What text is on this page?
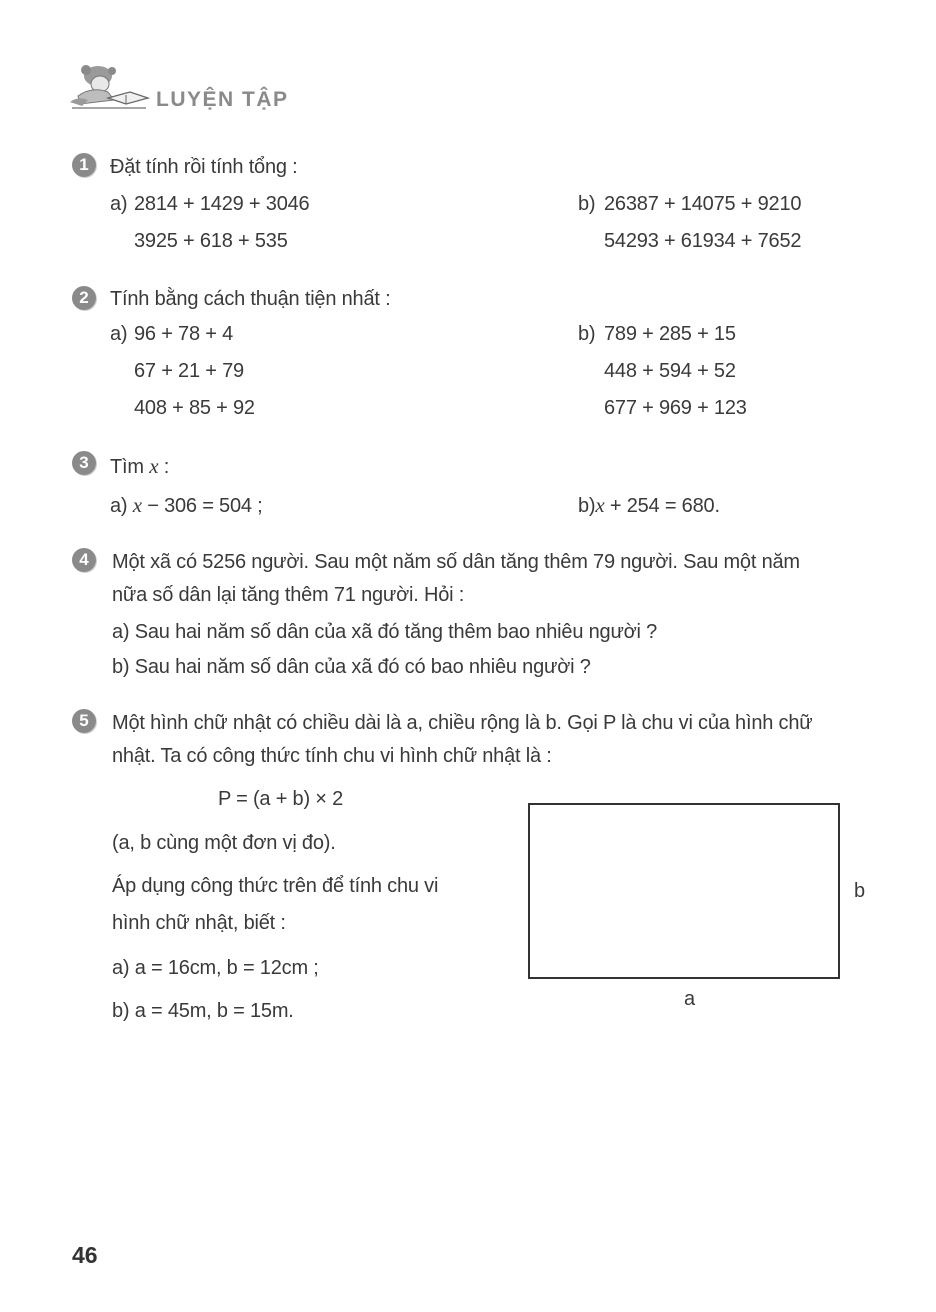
LUYỆN TẬP
1	Đặt tính rồi tính tổng :
a) 2814 + 1429 + 3046
3925 + 618 + 535
b) 26387 + 14075 + 9210
54293 + 61934 + 7652
2	Tính bằng cách thuận tiện nhất :
a) 96 + 78 + 4
67 + 21 + 79
408 + 85 + 92
b) 789 + 285 + 15
448 + 594 + 52
677 + 969 + 123
3	Tìm x :
a) x − 306 = 504 ;	b)x + 254 = 680.
4	Một xã có 5256 người. Sau một năm số dân tăng thêm 79 người. Sau một năm
nữa số dân lại tăng thêm 71 người. Hỏi :
a) Sau hai năm số dân của xã đó tăng thêm bao nhiêu người ?
b) Sau hai năm số dân của xã đó có bao nhiêu người ?
5	Một hình chữ nhật có chiều dài là a, chiều rộng là b. Gọi P là chu vi của hình chữ
nhật. Ta có công thức tính chu vi hình chữ nhật là :
P = (a + b) × 2
(a, b cùng một đơn vị đo).
Áp dụng công thức trên để tính chu vi
hình chữ nhật, biết :
a) a = 16cm, b = 12cm ;
b) a = 45m, b = 15m.
b
a
46
